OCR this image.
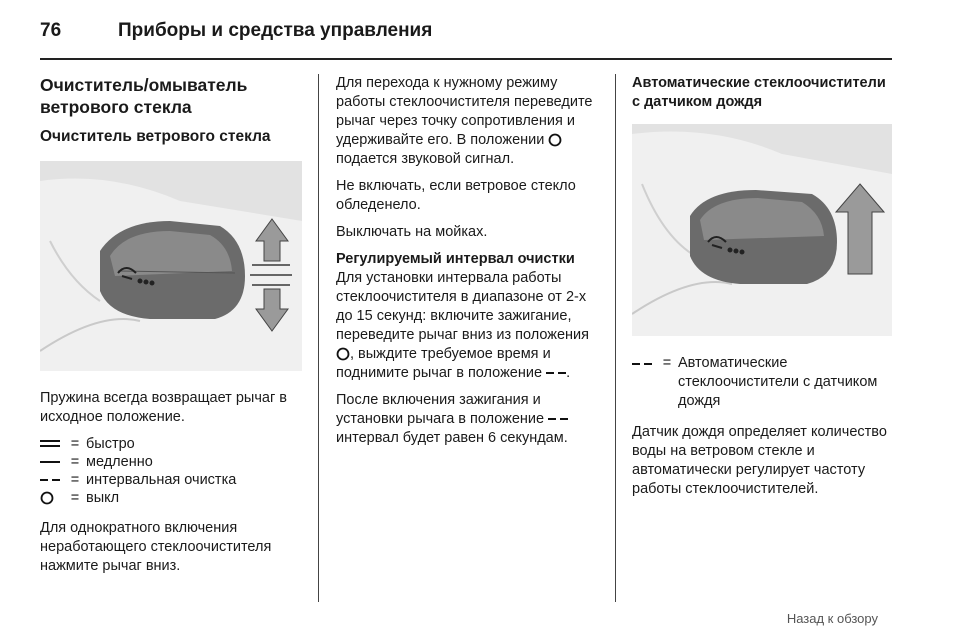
76	Приборы и средства управления
Очиститель/омыватель ветрового стекла
Очиститель ветрового стекла

Пружина всегда возвращает рычаг в исходное положение.

= быстро
= медленно
= интервальная очистка
= выкл

Для однократного включения неработающего стеклоочистителя нажмите рычаг вниз.

Для перехода к нужному режиму работы стеклоочистителя переведите рычаг через точку сопротивления и удерживайте его. В положении  подается звуковой сигнал.

Не включать, если ветровое стекло обледенело.

Выключать на мойках.

Регулируемый интервал очистки

Для установки интервала работы стеклоочистителя в диапазоне от 2-х до 15 секунд: включите зажигание, переведите рычаг вниз из положения , выждите требуемое время и поднимите рычаг в положение .

После включения зажигания и установки рычага в положение  интервал будет равен 6 секундам.

Автоматические стеклоочистители с датчиком дождя
= Автоматические стеклоочистители с датчиком дождя

Датчик дождя определяет количество воды на ветровом стекле и автоматически регулирует частоту работы стеклоочистителей.

Назад к обзору
